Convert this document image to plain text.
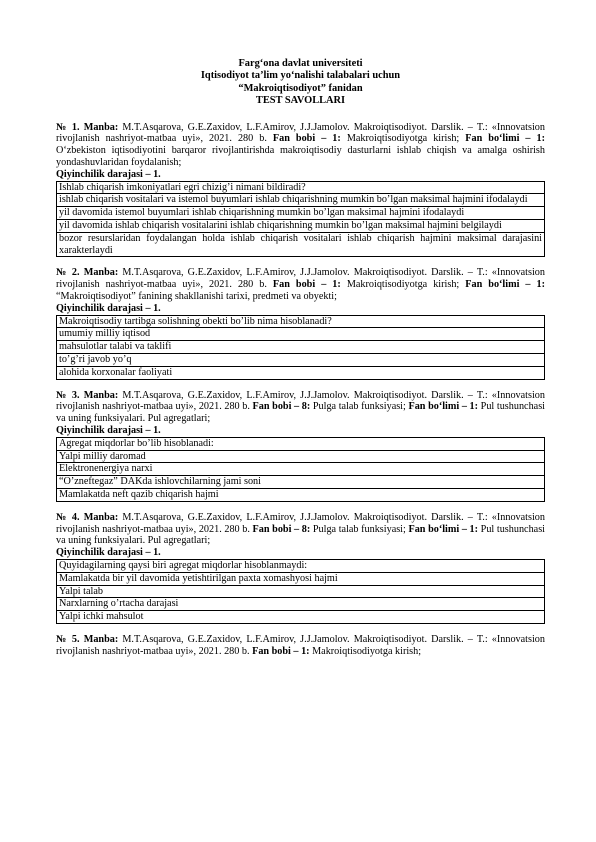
Farg‘ona davlat universiteti
Iqtisodiyot ta’lim yo‘nalishi talabalari uchun
“Makroiqtisodiyot” fanidan
TEST SAVOLLARI
№ 1. Manba: M.T.Asqarova, G.E.Zaxidov, L.F.Amirov, J.J.Jamolov. Makroiqtisodiyot. Darslik. – T.: «Innovatsion rivojlanish nashriyot-matbaa uyi», 2021. 280 b. Fan bobi – 1: Makroiqtisodiyotga kirish; Fan bo‘limi – 1: O‘zbekiston iqtisodiyotini barqaror rivojlantirishda makroiqtisodiy dasturlarni ishlab chiqish va amalga oshirish yondashuvlaridan foydalanish;
Qiyinchilik darajasi – 1.
Ishlab chiqarish imkoniyatlari egri chizig’i nimani bildiradi?
ishlab chiqarish vositalari va istemol buyumlari ishlab chiqarishning mumkin bo’lgan maksimal hajmini ifodalaydi
yil davomida istemol buyumlari ishlab chiqarishning mumkin bo’lgan maksimal hajmini ifodalaydi
yil davomida ishlab chiqarish vositalarini ishlab chiqarishning mumkin bo’lgan maksimal hajmini belgilaydi
bozor resurslaridan foydalangan holda ishlab chiqarish vositalari ishlab chiqarish hajmini maksimal darajasini xarakterlaydi
№ 2. Manba: M.T.Asqarova, G.E.Zaxidov, L.F.Amirov, J.J.Jamolov. Makroiqtisodiyot. Darslik. – T.: «Innovatsion rivojlanish nashriyot-matbaa uyi», 2021. 280 b. Fan bobi – 1: Makroiqtisodiyotga kirish; Fan bo‘limi – 1: “Makroiqtisodiyot” fanining shakllanishi tarixi, predmeti va obyekti;
Qiyinchilik darajasi – 1.
Makroiqtisodiy tartibga solishning obekti bo’lib nima hisoblanadi?
umumiy milliy iqtisod
mahsulotlar talabi va taklifi
to’g’ri javob yo’q
alohida korxonalar faoliyati
№ 3. Manba: M.T.Asqarova, G.E.Zaxidov, L.F.Amirov, J.J.Jamolov. Makroiqtisodiyot. Darslik. – T.: «Innovatsion rivojlanish nashriyot-matbaa uyi», 2021. 280 b. Fan bobi – 8: Pulga talab funksiyasi; Fan bo‘limi – 1: Pul tushunchasi va uning funksiyalari. Pul agregatlari;
Qiyinchilik darajasi – 1.
Agregat miqdorlar bo’lib hisoblanadi:
Yalpi milliy daromad
Elektronenergiya narxi
“O’zneftegaz” DAKda ishlovchilarning jami soni
Mamlakatda neft qazib chiqarish hajmi
№ 4. Manba: M.T.Asqarova, G.E.Zaxidov, L.F.Amirov, J.J.Jamolov. Makroiqtisodiyot. Darslik. – T.: «Innovatsion rivojlanish nashriyot-matbaa uyi», 2021. 280 b. Fan bobi – 8: Pulga talab funksiyasi; Fan bo‘limi – 1: Pul tushunchasi va uning funksiyalari. Pul agregatlari;
Qiyinchilik darajasi – 1.
Quyidagilarning qaysi biri agregat miqdorlar hisoblanmaydi:
Mamlakatda bir yil davomida yetishtirilgan paxta xomashyosi hajmi
Yalpi talab
Narxlarning o’rtacha darajasi
Yalpi ichki mahsulot
№ 5. Manba: M.T.Asqarova, G.E.Zaxidov, L.F.Amirov, J.J.Jamolov. Makroiqtisodiyot. Darslik. – T.: «Innovatsion rivojlanish nashriyot-matbaa uyi», 2021. 280 b. Fan bobi – 1: Makroiqtisodiyotga kirish;
